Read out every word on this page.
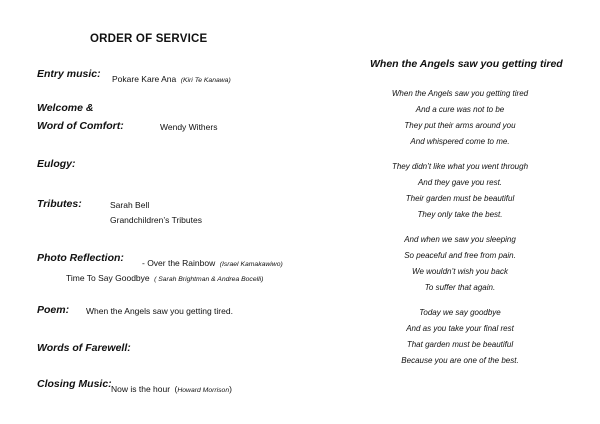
ORDER OF SERVICE
Entry music: Pokare Kare Ana (Kiri Te Kanawa)
Welcome &
Word of Comfort:	Wendy Withers
Eulogy:
Tributes:	Sarah Bell
Grandchildren’s Tributes
Photo Reflection: - Over the Rainbow (Israel Kamakawiwo)
Time To Say Goodbye ( Sarah Brightman & Andrea Bocelli)
Poem: When the Angels saw you getting tired.
Words of Farewell:
Closing Music: Now is the hour (Howard Morrison)
When the Angels saw you getting tired
When the Angels saw you getting tired
And a cure was not to be
They put their arms around you
And whispered come to me.
They didn’t like what you went through
And they gave you rest.
Their garden must be beautiful
They only take the best.
And when we saw you sleeping
So peaceful and free from pain.
We wouldn’t wish you back
To suffer that again.
Today we say goodbye
And as you take your final rest
That garden must be beautiful
Because you are one of the best.
